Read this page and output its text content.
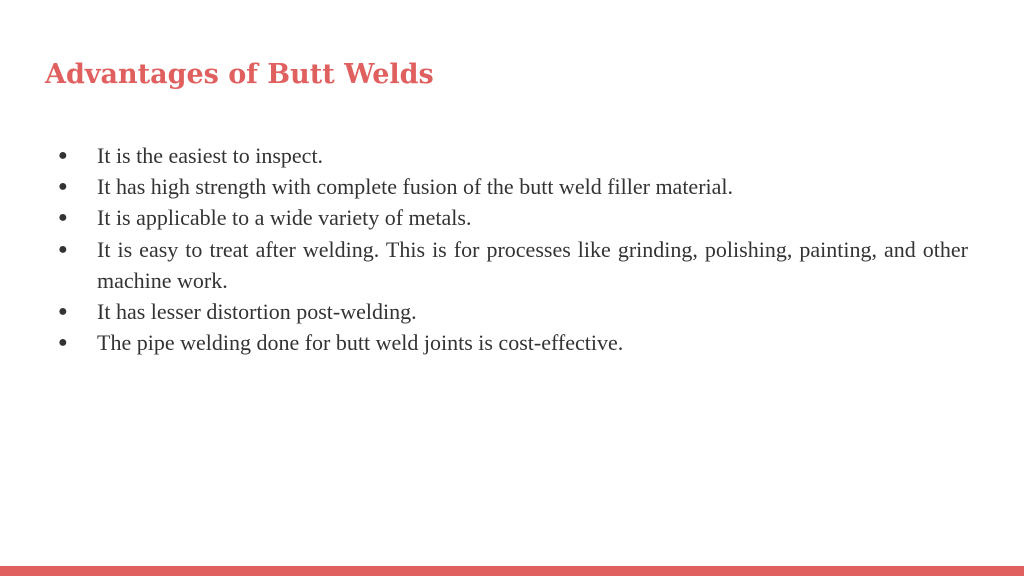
Advantages of Butt Welds
● It is the easiest to inspect.
● It has high strength with complete fusion of the butt weld filler material.
● It is applicable to a wide variety of metals.
● It is easy to treat after welding. This is for processes like grinding, polishing, painting, and other machine work.
● It has lesser distortion post-welding.
● The pipe welding done for butt weld joints is cost-effective.
